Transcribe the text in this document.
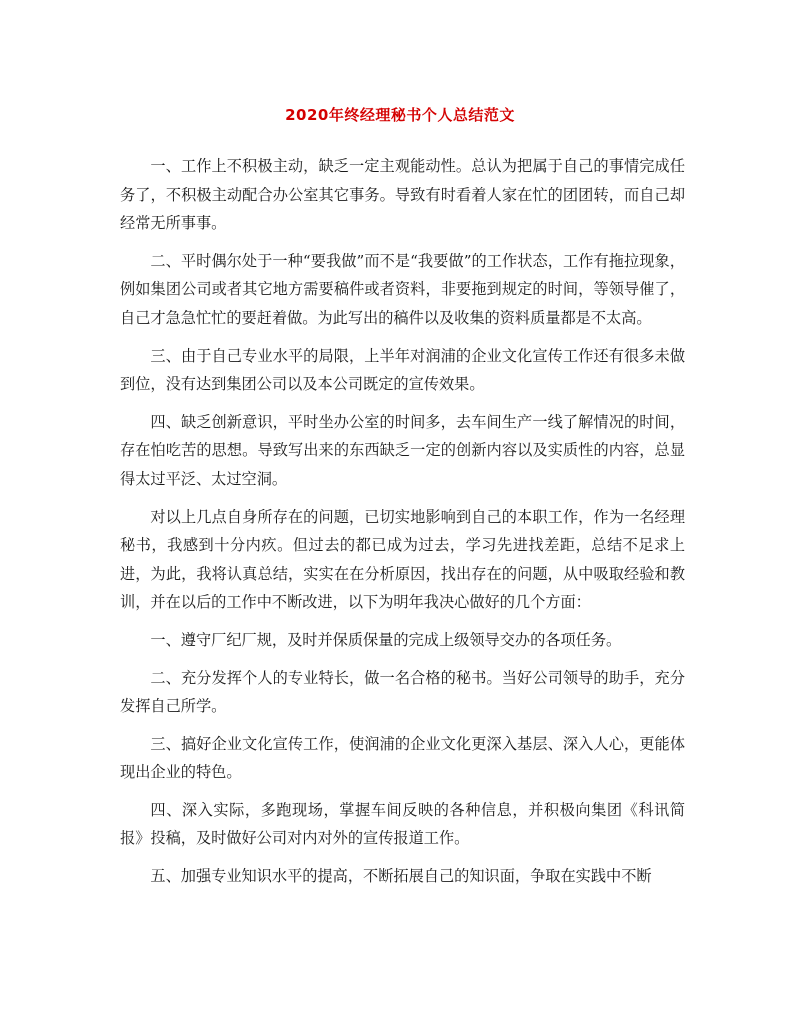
2020年终经理秘书个人总结范文

一、工作上不积极主动，缺乏一定主观能动性。总认为把属于自己的事情完成任务了，不积极主动配合办公室其它事务。导致有时看着人家在忙的团团转，而自己却经常无所事事。

二、平时偶尔处于一种“要我做”而不是“我要做”的工作状态，工作有拖拉现象，例如集团公司或者其它地方需要稿件或者资料，非要拖到规定的时间，等领导催了，自己才急急忙忙的要赶着做。为此写出的稿件以及收集的资料质量都是不太高。

三、由于自己专业水平的局限，上半年对润浦的企业文化宣传工作还有很多未做到位，没有达到集团公司以及本公司既定的宣传效果。

四、缺乏创新意识，平时坐办公室的时间多，去车间生产一线了解情况的时间，存在怕吃苦的思想。导致写出来的东西缺乏一定的创新内容以及实质性的内容，总显得太过平泛、太过空洞。

对以上几点自身所存在的问题，已切实地影响到自己的本职工作，作为一名经理秘书，我感到十分内疚。但过去的都已成为过去，学习先进找差距，总结不足求上进，为此，我将认真总结，实实在在分析原因，找出存在的问题，从中吸取经验和教训，并在以后的工作中不断改进，以下为明年我决心做好的几个方面：

一、遵守厂纪厂规，及时并保质保量的完成上级领导交办的各项任务。

二、充分发挥个人的专业特长，做一名合格的秘书。当好公司领导的助手，充分发挥自己所学。

三、搞好企业文化宣传工作，使润浦的企业文化更深入基层、深入人心，更能体现出企业的特色。

四、深入实际，多跑现场，掌握车间反映的各种信息，并积极向集团《科讯简报》投稿，及时做好公司对内对外的宣传报道工作。

五、加强专业知识水平的提高，不断拓展自己的知识面，争取在实践中不断
